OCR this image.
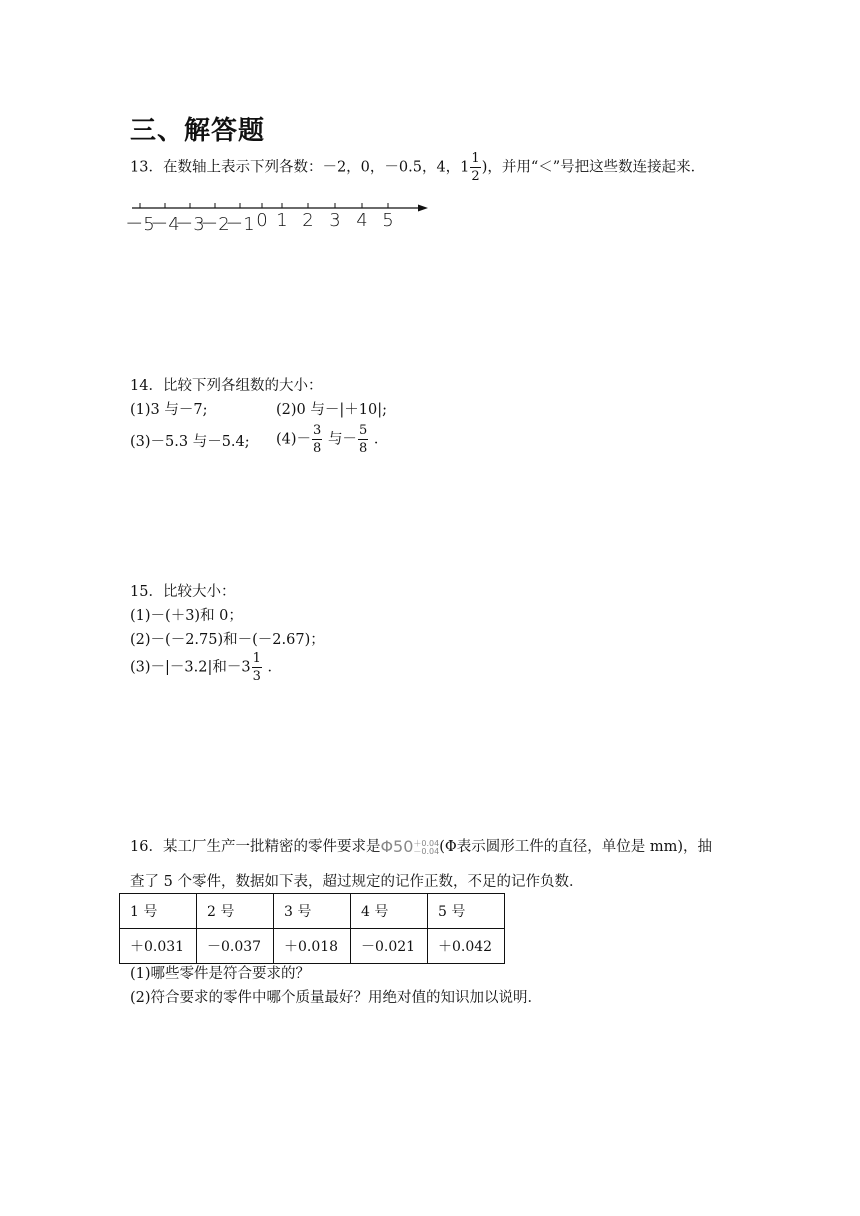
三、解答题
13．在数轴上表示下列各数：－2，0，－0.5，4，$1 \frac{1}{2}$ )，并用“＜”号把这些数连接起来．
－5
－4
－3
－2
－1 0 1 2 3 4 5
14．比较下列各组数的大小：
(1)3 与－7;	(2)0 与－|＋10|;
(3)－5.3 与－5.4; $(4)- \frac{3}{8}$ 与－ $\frac{5}{8}$ ．
15．比较大小：
(1)－(＋3)和 0；
(2)－(－2.75)和－(－2.67)；
(3)－|－3.2|和$-3 \frac{1}{3}$ ．
16．某工厂生产一批精密的零件要求是Φ50 ＋0.04
－0.04 (Φ表示圆形工件的直径，单位是 mm)，抽
查了 5 个零件，数据如下表，超过规定的记作正数，不足的记作负数．
1 号	2 号	3 号	4 号	5 号
＋0.031	－0.037	＋0.018	－0.021	＋0.042
(1)哪些零件是符合要求的？
(2)符合要求的零件中哪个质量最好？用绝对值的知识加以说明．
